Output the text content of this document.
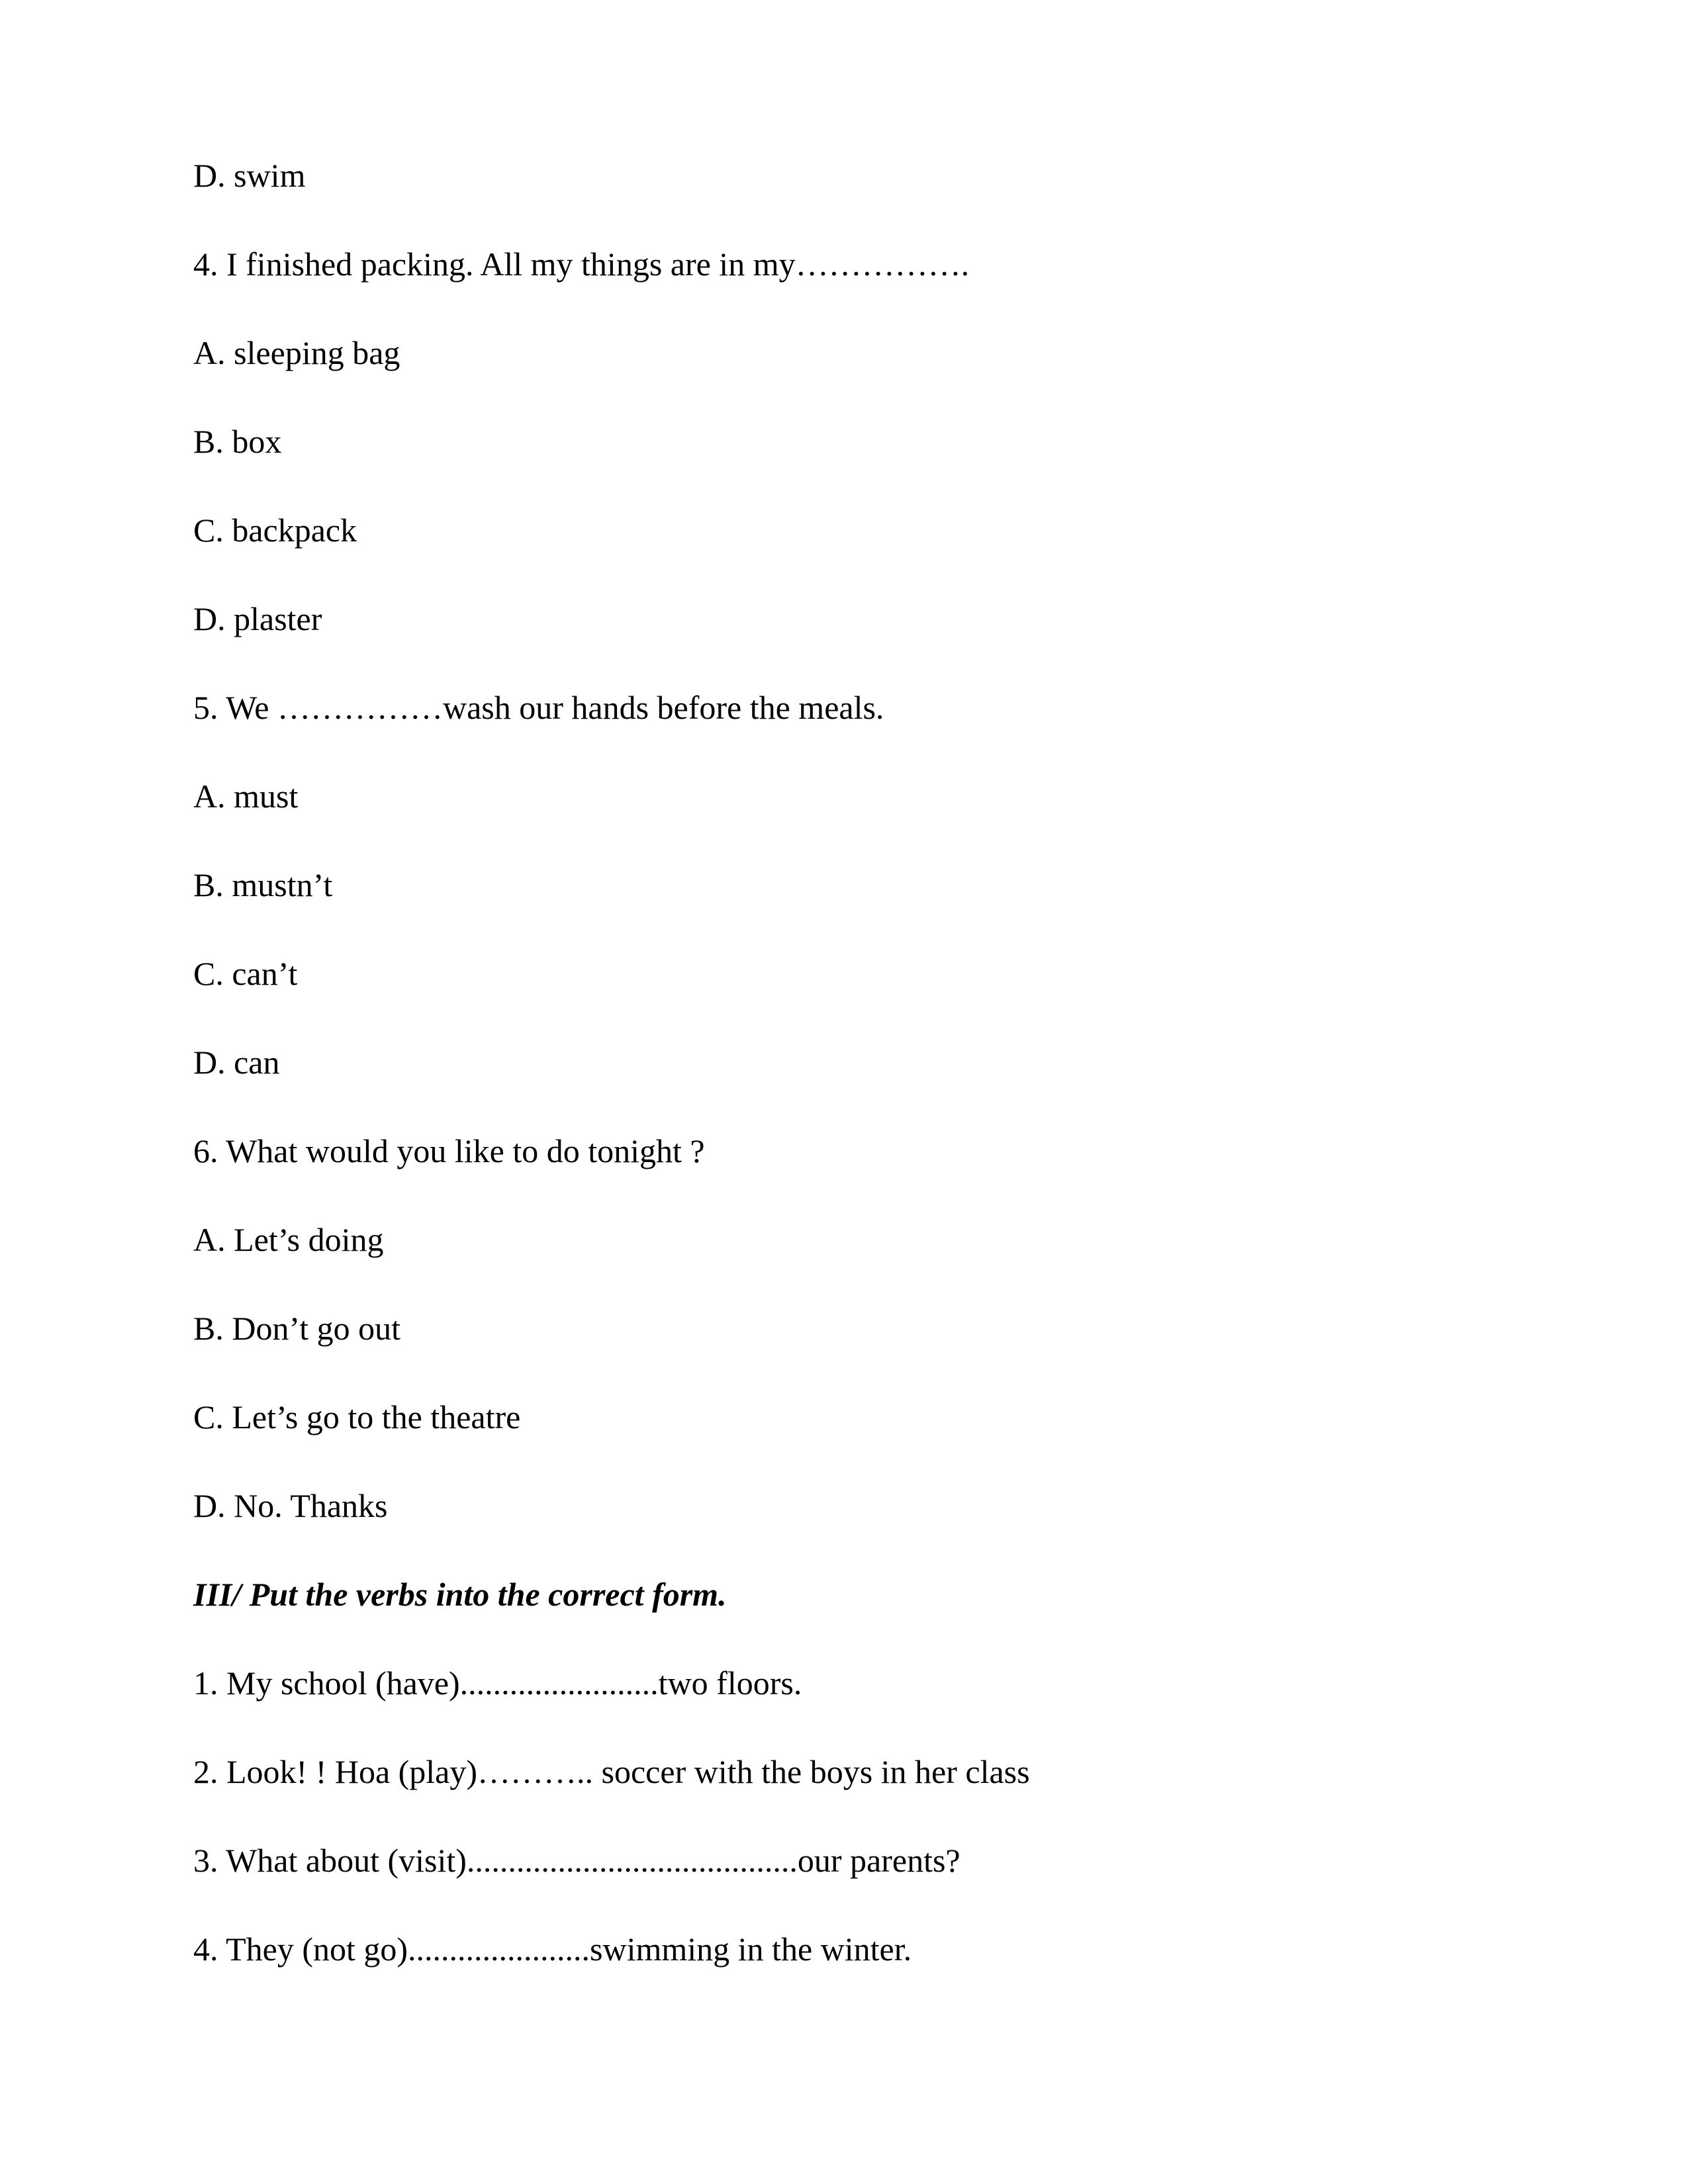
D. swim
4. I finished packing. All my things are in my…………….
A. sleeping bag
B. box
C. backpack
D. plaster
5. We ……………wash our hands before the meals.
A. must
B. mustn’t
C. can’t
D. can
6. What would you like to do tonight ?
A. Let’s doing
B. Don’t go out
C. Let’s go to the theatre
D. No. Thanks
III/ Put the verbs into the correct form.
1. My school (have)........................two floors.
2. Look! ! Hoa (play)……….. soccer with the boys in her class
3. What about (visit)........................................our parents?
4. They (not go)......................swimming in the winter.
